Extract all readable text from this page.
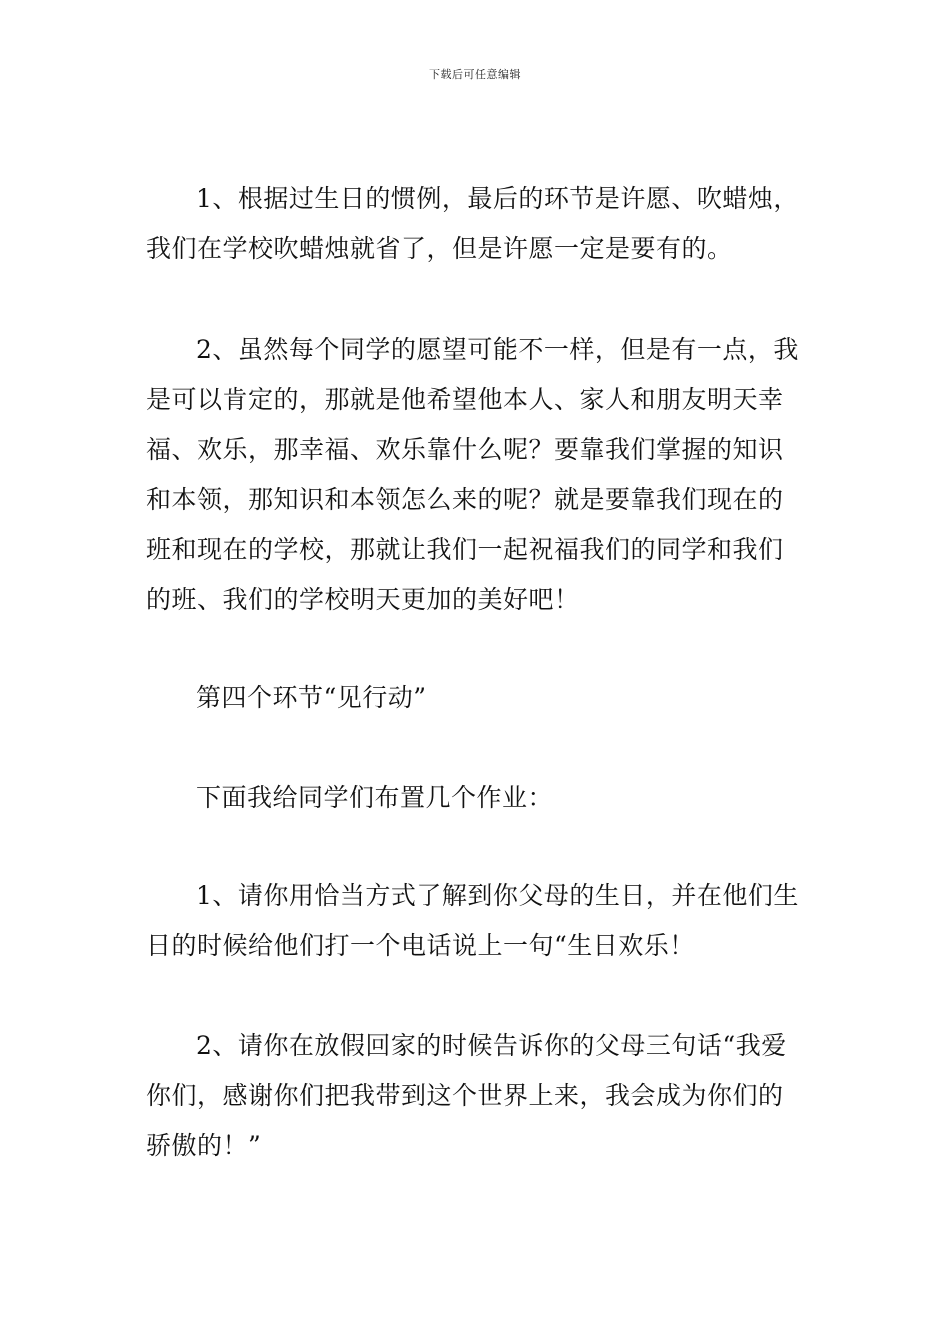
下载后可任意编辑

1、根据过生日的惯例，最后的环节是许愿、吹蜡烛，
我们在学校吹蜡烛就省了，但是许愿一定是要有的。

2、虽然每个同学的愿望可能不一样，但是有一点，我
是可以肯定的，那就是他希望他本人、家人和朋友明天幸
福、欢乐，那幸福、欢乐靠什么呢？要靠我们掌握的知识
和本领，那知识和本领怎么来的呢？就是要靠我们现在的
班和现在的学校，那就让我们一起祝福我们的同学和我们
的班、我们的学校明天更加的美好吧！

第四个环节“见行动”

下面我给同学们布置几个作业：

1、请你用恰当方式了解到你父母的生日，并在他们生
日的时候给他们打一个电话说上一句“生日欢乐！

2、请你在放假回家的时候告诉你的父母三句话“我爱
你们，感谢你们把我带到这个世界上来，我会成为你们的
骄傲的！”
